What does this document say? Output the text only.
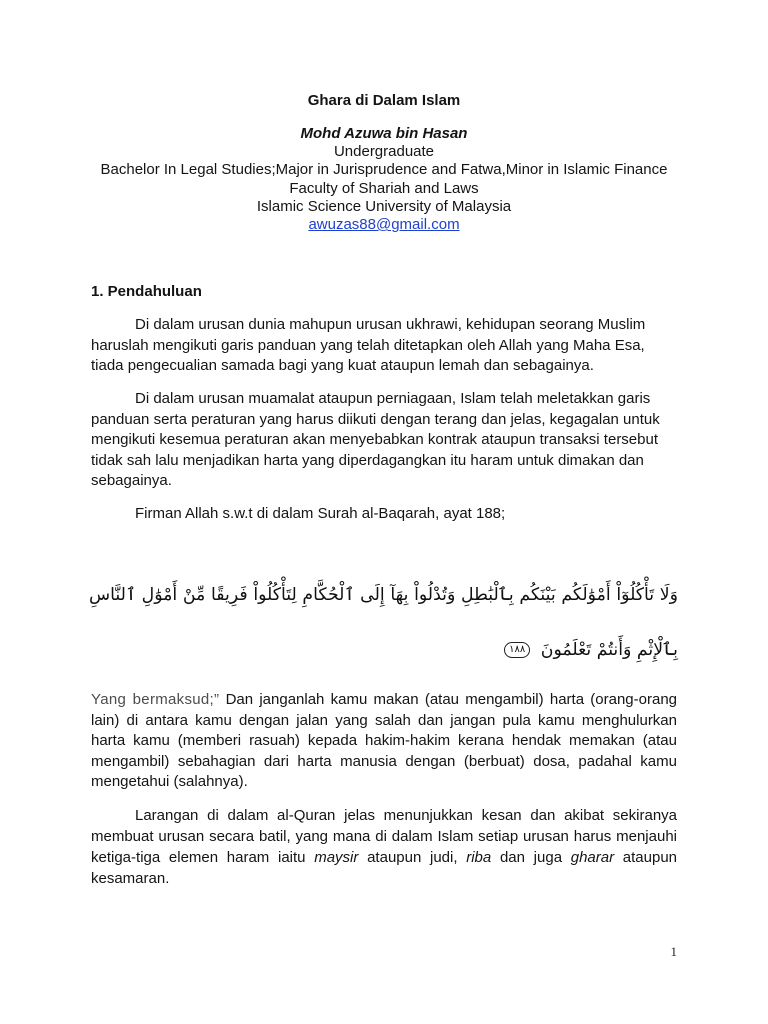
Ghara di Dalam Islam
Mohd Azuwa bin Hasan
Undergraduate
Bachelor In Legal Studies;Major in Jurisprudence and Fatwa,Minor in Islamic Finance
Faculty of Shariah and Laws
Islamic Science University of Malaysia
awuzas88@gmail.com
1. Pendahuluan
Di dalam urusan dunia mahupun urusan ukhrawi, kehidupan seorang Muslim
haruslah mengikuti garis panduan yang telah ditetapkan oleh Allah yang Maha Esa,
tiada pengecualian samada bagi yang kuat ataupun lemah dan sebagainya.
Di dalam urusan muamalat ataupun perniagaan, Islam telah meletakkan garis
panduan serta peraturan yang harus diikuti dengan terang dan jelas, kegagalan untuk
mengikuti kesemua peraturan akan menyebabkan kontrak ataupun transaksi tersebut
tidak sah lalu menjadikan harta yang diperdagangkan itu haram untuk dimakan dan
sebagainya.
Firman Allah s.w.t di dalam Surah al-Baqarah, ayat 188;
وَلَا تَأْكُلُوٓاْ أَمْوَٰلَكُم بَيْنَكُم بِٱلْبَٰطِلِ وَتُدْلُواْ بِهَآ إِلَى ٱلْحُكَّامِ لِتَأْكُلُواْ فَرِيقًا مِّنْ أَمْوَٰلِ ٱلنَّاسِ
بِٱلْإِثْمِ وَأَنتُمْ تَعْلَمُونَ ١٨٨
Yang bermaksud;” Dan janganlah kamu makan (atau mengambil) harta (orang-orang
lain) di antara kamu dengan jalan yang salah dan jangan pula kamu menghulurkan
harta kamu (memberi rasuah) kepada hakim-hakim kerana hendak memakan (atau
mengambil) sebahagian dari harta manusia dengan (berbuat) dosa, padahal kamu
mengetahui (salahnya).
Larangan di dalam al-Quran jelas menunjukkan kesan dan akibat sekiranya
membuat urusan secara batil, yang mana di dalam Islam setiap urusan harus menjauhi
ketiga-tiga elemen haram iaitu maysir ataupun judi, riba dan juga gharar ataupun
kesamaran.
1
